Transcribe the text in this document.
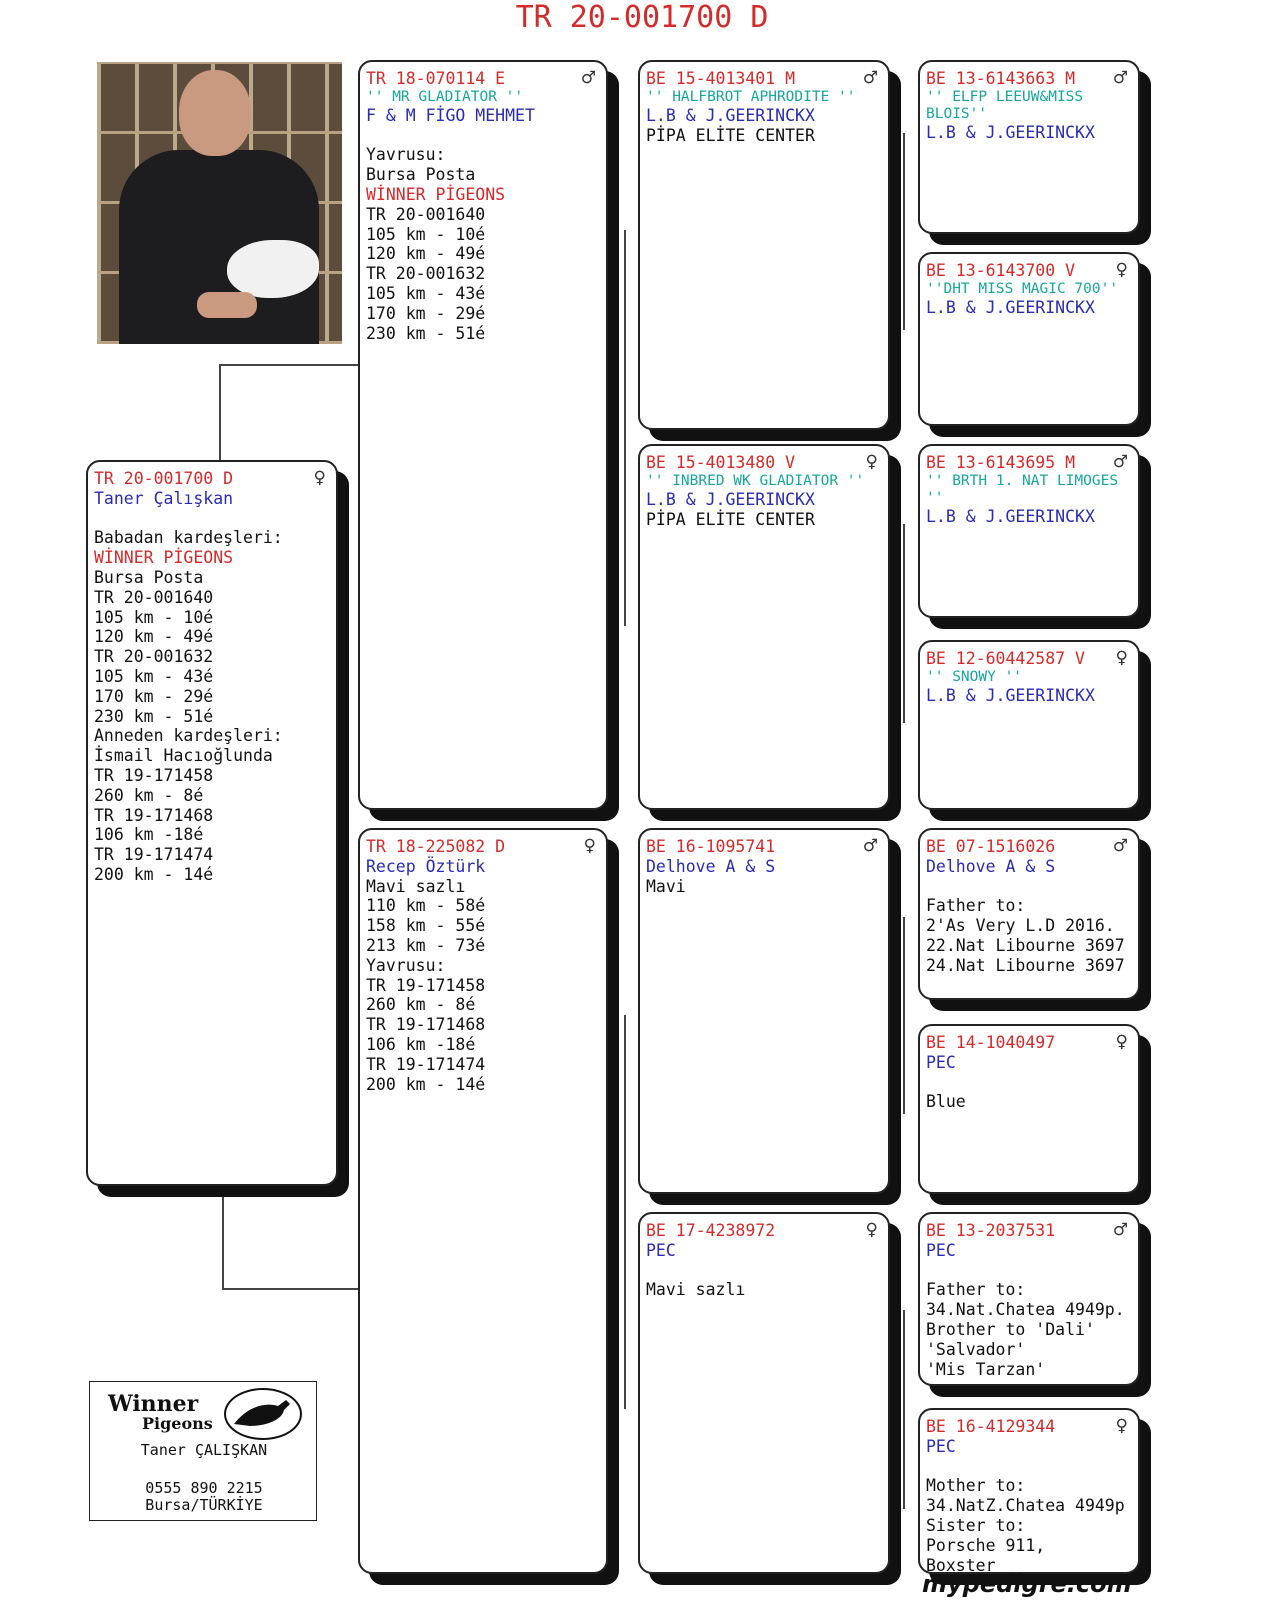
TR 20-001700 D
♀
TR 20-001700 D
Taner Çalışkan

Babadan kardeşleri:
WİNNER PİGEONS
Bursa Posta
TR 20-001640
105 km - 10é
120 km - 49é
TR 20-001632
105 km - 43é
170 km - 29é
230 km - 51é
Anneden kardeşleri:
İsmail Hacıoğlunda
TR 19-171458
260 km - 8é
TR 19-171468
106 km -18é
TR 19-171474
200 km - 14é
♂
TR 18-070114 E
'' MR GLADIATOR ''
F & M FİGO MEHMET

Yavrusu:
Bursa Posta
WİNNER PİGEONS
TR 20-001640
105 km - 10é
120 km - 49é
TR 20-001632
105 km - 43é
170 km - 29é
230 km - 51é
♀
TR 18-225082 D
Recep Öztürk
Mavi sazlı
110 km - 58é
158 km - 55é
213 km - 73é
Yavrusu:
TR 19-171458
260 km - 8é
TR 19-171468
106 km -18é
TR 19-171474
200 km - 14é
♂
BE 15-4013401 M
'' HALFBROT APHRODITE ''
L.B & J.GEERINCKX
PİPA ELİTE CENTER
♀
BE 15-4013480 V
'' INBRED WK GLADIATOR ''
L.B & J.GEERINCKX
PİPA ELİTE CENTER
♂
BE 16-1095741
Delhove A & S
Mavi
♀
BE 17-4238972
PEC

Mavi sazlı
♂
BE 13-6143663 M
'' ELFP LEEUW&MISS BLOIS''
L.B & J.GEERINCKX
♀
BE 13-6143700 V
''DHT MISS MAGIC 700''
L.B & J.GEERINCKX
♂
BE 13-6143695 M
'' BRTH 1. NAT LIMOGES ''
L.B & J.GEERINCKX
♀
BE 12-60442587 V
'' SNOWY ''
L.B & J.GEERINCKX
♂
BE 07-1516026
Delhove A & S

Father to:
2'As Very L.D 2016.
22.Nat Libourne 3697
24.Nat Libourne 3697
♀
BE 14-1040497
PEC

Blue
♂
BE 13-2037531
PEC

Father to:
34.Nat.Chatea 4949p.
Brother to 'Dali'
'Salvador'
'Mis Tarzan'
♀
BE 16-4129344
PEC

Mother to:
34.NatZ.Chatea 4949p
Sister to:
Porsche 911,
Boxster
Winner
Pigeons
Taner ÇALIŞKAN
0555 890 2215
Bursa/TÜRKİYE
mypedigre.com
